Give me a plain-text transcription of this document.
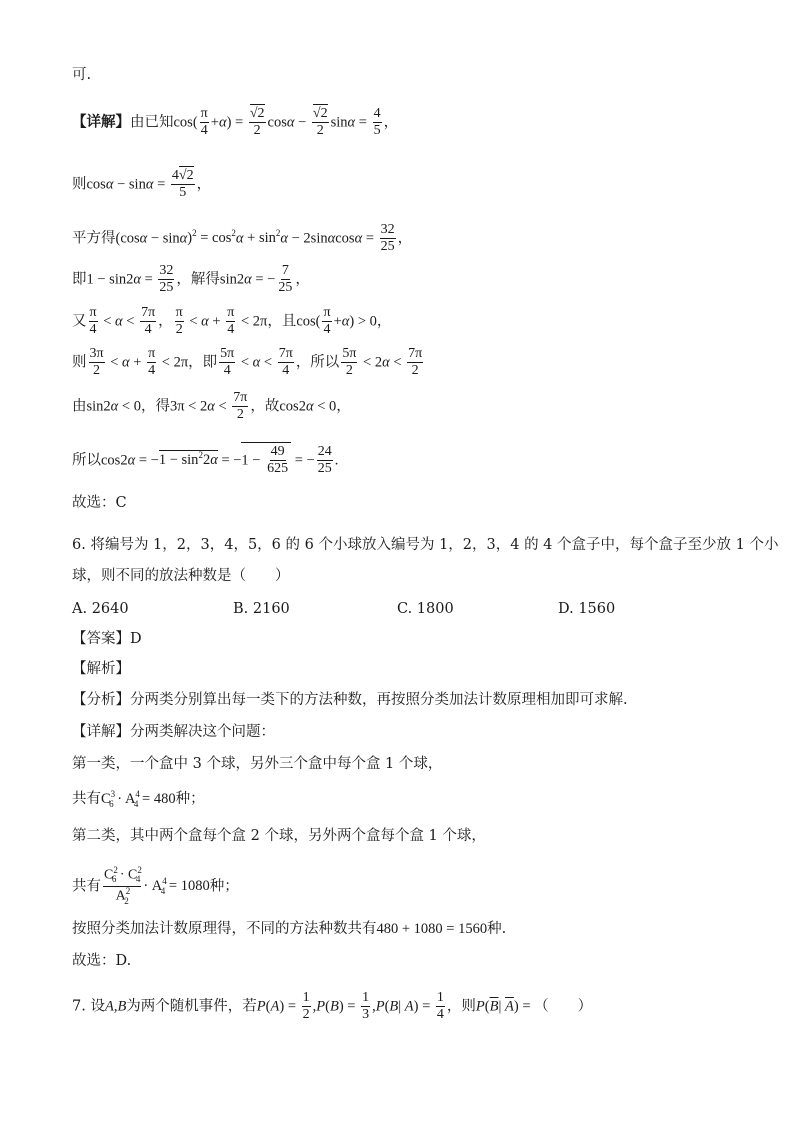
可.
【详解】由已知$\cos( \frac{\pi}{4} +\alpha) = \frac{√2}{2}$ $\cos\alpha - \frac{√2}{2}$ $\sin\alpha = \frac{4}{5}$ ，
则$\cos\alpha - \sin\alpha = \frac{4√2}{5}$ ，
平方得$(\cos\alpha - \sin\alpha)^2 = \cos^2\alpha + \sin^2\alpha - 2\sin\alpha\cos\alpha = \frac{32}{25}$ ，
即$1 - \sin 2\alpha = \frac{32}{25}$ ，解得sin2α = − $\frac{7}{25}$ ，
又 $\frac{\pi}{4} < \alpha < \frac{7\pi}{4}$ ， $\frac{\pi}{2} < \alpha + \frac{\pi}{4} < 2\pi$，且$\cos( \frac{\pi}{4} +\alpha) > 0$，
则 $\frac{3\pi}{2} < \alpha + \frac{\pi}{4} < 2\pi$，即 $\frac{5\pi}{4} < \alpha < \frac{7\pi}{4}$ ，所以 $\frac{5\pi}{2} < 2\alpha < \frac{7\pi}{2}$
由sin2α < 0，得$3\pi < 2\alpha < \frac{7\pi}{2}$ ，故cos2α < 0，
所以$\cos 2\alpha = -1 - \sin^22\alpha = -1 - \frac{49}{625}$ = − $\frac{24}{25}$ .
故选：C
6. 将编号为 1，2，3，4，5，6 的 6 个小球放入编号为 1，2，3，4 的 4 个盒子中，每个盒子至少放 1 个小
球，则不同的放法种数是（　　）
A. 2640	B. 2160	C. 1800	D. 1560
【答案】D
【解析】
【分析】分两类分别算出每一类下的方法种数，再按照分类加法计数原理相加即可求解.
【详解】分两类解决这个问题：
第一类，一个盒中 3 个球，另外三个盒中每个盒 1 个球，
共有$C^3_6 \cdot A^4_4 = 480$种；
第二类，其中两个盒每个盒 2 个球，另外两个盒每个盒 1 个球，
共有 $\frac{C^2_6 \cdot C^2_4}{A^2_2} \cdot A^4_4 = 1080$种；
按照分类加法计数原理得，不同的方法种数共有480 + 1080 = 1560种.
故选：D.
7. 设A,B为两个随机事件，若$P(A) = \frac{1}{2} ,P(B) = \frac{1}{3} ,P(B|$ $A) = \frac{1}{4}$ ，则$P(\overline{B}|$ $\overline{A}$) = （　　）
